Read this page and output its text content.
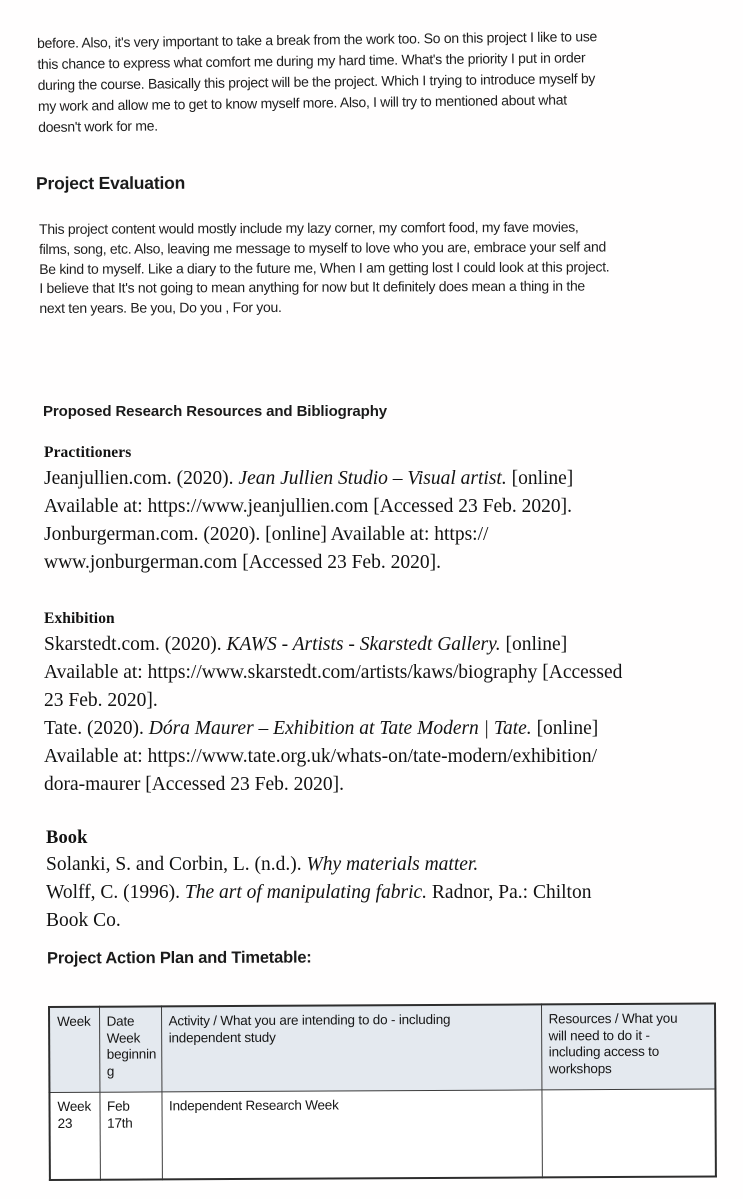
before. Also, it's very important to take a break from the work too. So on this project I like to use
this chance to express what comfort me during my hard time. What's the priority I put in order
during the course. Basically this project will be the project. Which I trying to introduce myself by
my work and allow me to get to know myself more. Also, I will try to mentioned about what
doesn't work for me.
Project Evaluation
This project content would mostly include my lazy corner, my comfort food, my fave movies,
films, song, etc. Also, leaving me message to myself to love who you are, embrace your self and
Be kind to myself. Like a diary to the future me, When I am getting lost I could look at this project.
I believe that It's not going to mean anything for now but It definitely does mean a thing in the
next ten years. Be you, Do you , For you.
Proposed Research Resources and Bibliography
Practitioners
Jeanjullien.com. (2020). Jean Jullien Studio – Visual artist. [online]
Available at: https://www.jeanjullien.com [Accessed 23 Feb. 2020].
Jonburgerman.com. (2020). [online] Available at: https://
www.jonburgerman.com [Accessed 23 Feb. 2020].
Exhibition
Skarstedt.com. (2020). KAWS - Artists - Skarstedt Gallery. [online]
Available at: https://www.skarstedt.com/artists/kaws/biography [Accessed
23 Feb. 2020].
Tate. (2020). Dóra Maurer – Exhibition at Tate Modern | Tate. [online]
Available at: https://www.tate.org.uk/whats-on/tate-modern/exhibition/
dora-maurer [Accessed 23 Feb. 2020].
Book
Solanki, S. and Corbin, L. (n.d.). Why materials matter.
Wolff, C. (1996). The art of manipulating fabric. Radnor, Pa.: Chilton
Book Co.
Project Action Plan and Timetable:
Week	Date
Week
beginnin
g	Activity / What you are intending to do - including
independent study	Resources / What you
will need to do it -
including access to
workshops
Week
23	Feb
17th	Independent Research Week	
